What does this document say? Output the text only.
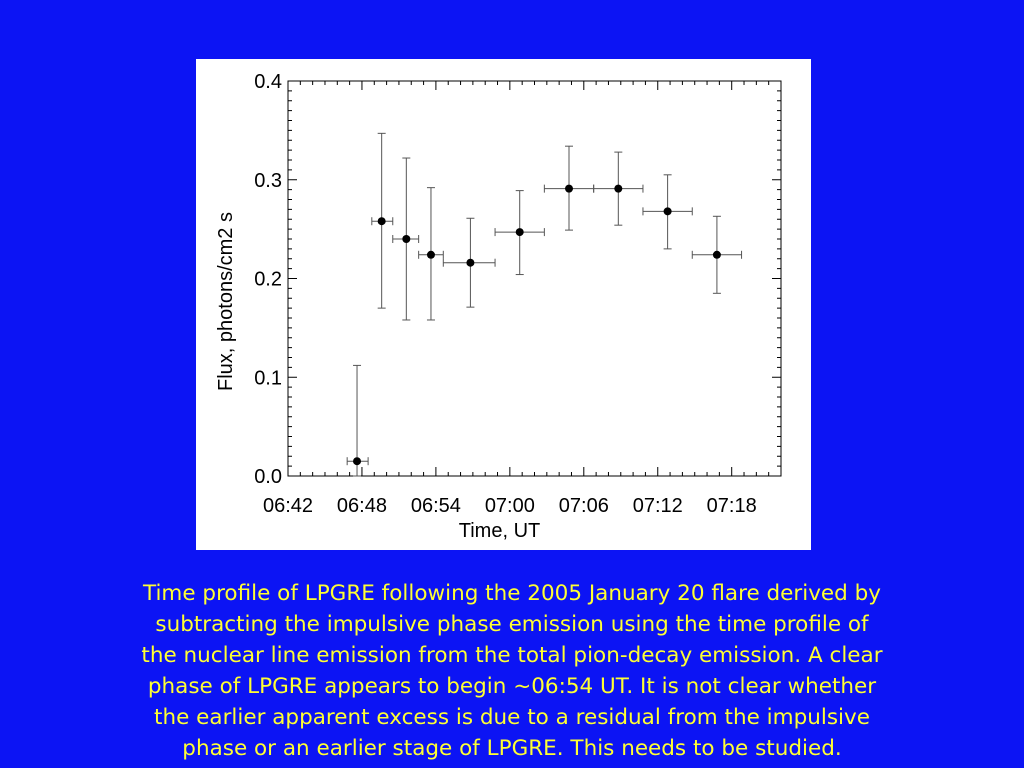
06:42 06:48 06:54 07:00 07:06 07:12 07:18
0.0
0.1
0.2
0.3
0.4
Time, UT
Flux, photons/cm2 s

Time profile of LPGRE following the 2005 January 20 flare derived by
subtracting the impulsive phase emission using the time profile of
the nuclear line emission from the total pion-decay emission. A clear
phase of LPGRE appears to begin ~06:54 UT. It is not clear whether
the earlier apparent excess is due to a residual from the impulsive
phase or an earlier stage of LPGRE. This needs to be studied.
